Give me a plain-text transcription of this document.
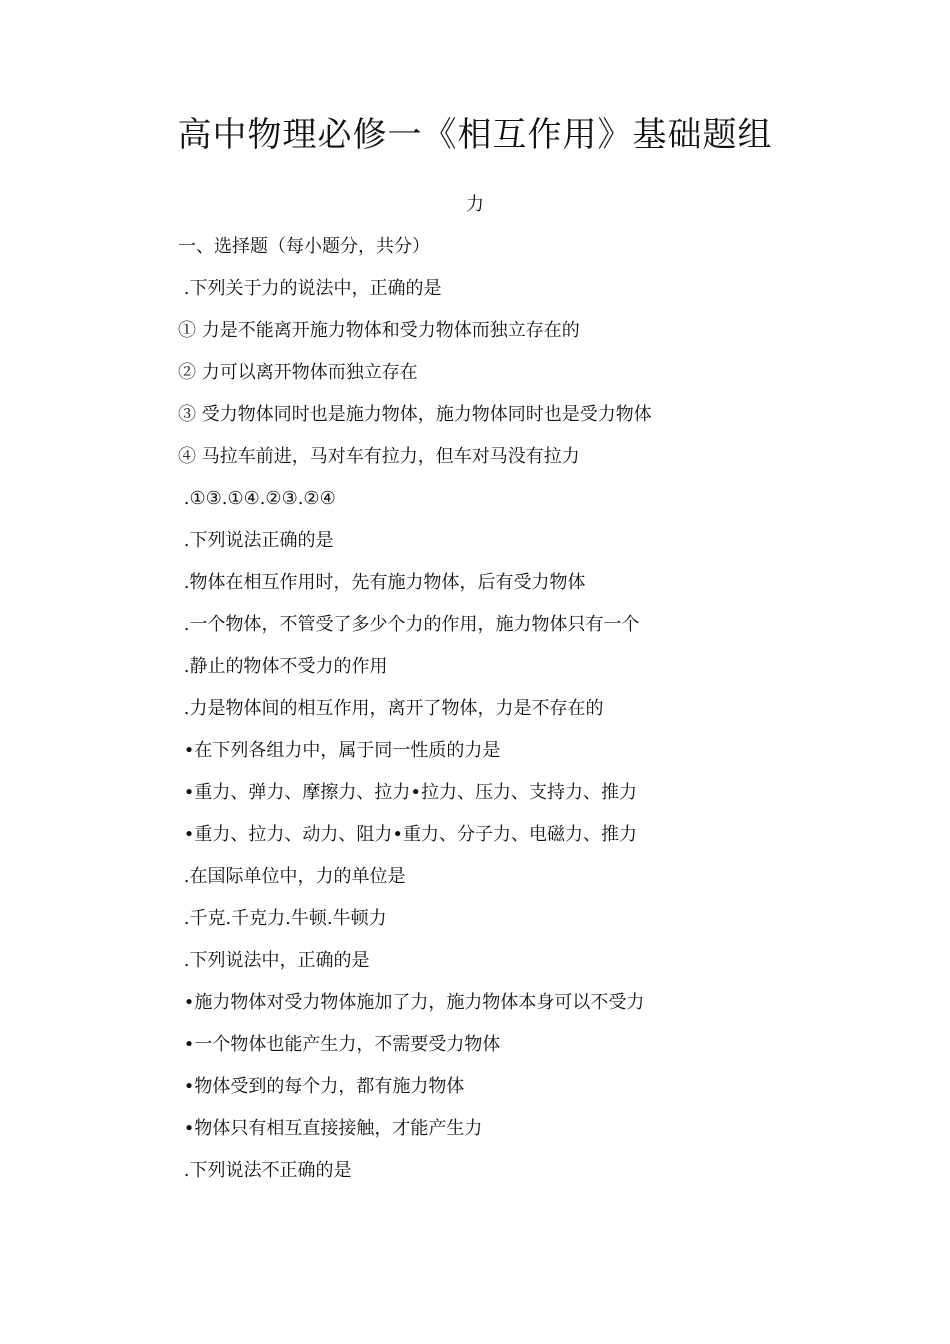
高中物理必修一《相互作用》基础题组
力
一、选择题（每小题分，共分）
.下列关于力的说法中，正确的是
① 力是不能离开施力物体和受力物体而独立存在的
② 力可以离开物体而独立存在
③ 受力物体同时也是施力物体，施力物体同时也是受力物体
④ 马拉车前进，马对车有拉力，但车对马没有拉力
.①③.①④.②③.②④
.下列说法正确的是
.物体在相互作用时，先有施力物体，后有受力物体
.一个物体，不管受了多少个力的作用，施力物体只有一个
.静止的物体不受力的作用
.力是物体间的相互作用，离开了物体，力是不存在的
•在下列各组力中，属于同一性质的力是
•重力、弹力、摩擦力、拉力•拉力、压力、支持力、推力
•重力、拉力、动力、阻力•重力、分子力、电磁力、推力
.在国际单位中，力的单位是
.千克.千克力.牛顿.牛顿力
.下列说法中，正确的是
•施力物体对受力物体施加了力，施力物体本身可以不受力
•一个物体也能产生力，不需要受力物体
•物体受到的每个力，都有施力物体
•物体只有相互直接接触，才能产生力
.下列说法不正确的是
